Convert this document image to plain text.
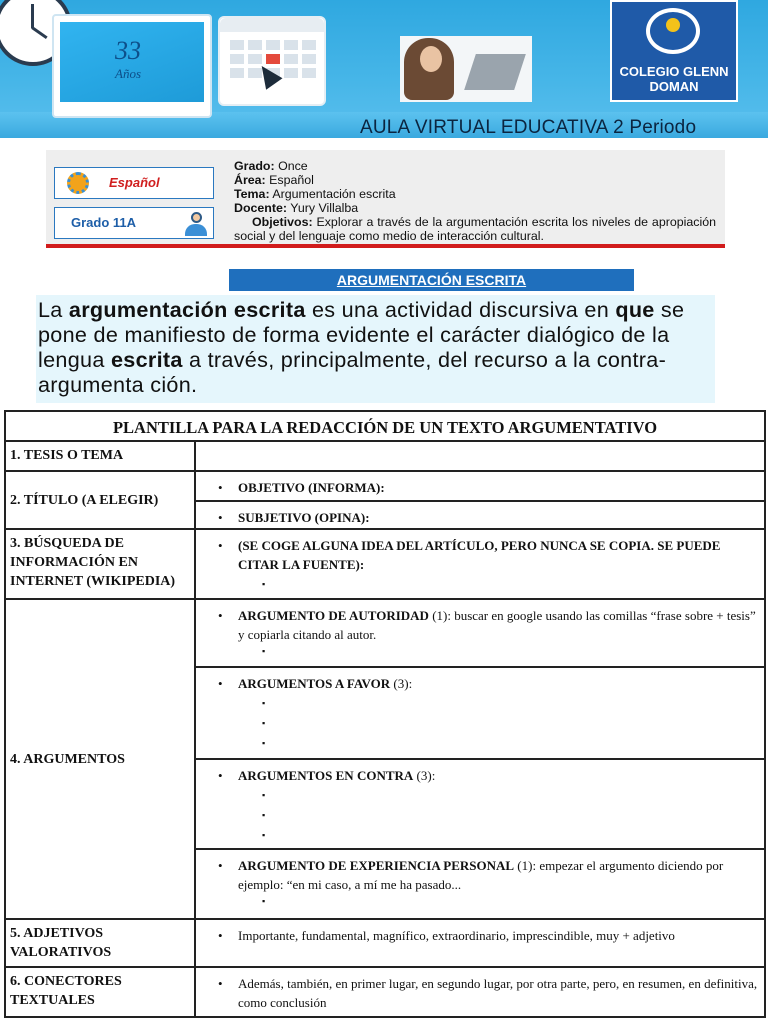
33
Años	COLEGIO GLENN DOMAN
AULA VIRTUAL EDUCATIVA 2 Periodo
Español
Grado 11A
Grado: Once
Área: Español
Tema: Argumentación escrita
Docente: Yury Villalba
Objetivos: Explorar a través de la argumentación escrita los niveles de apropiación social y del lenguaje como medio de interacción cultural.
ARGUMENTACIÓN ESCRITA
La argumentación escrita es una actividad discursiva en que se pone de manifiesto de forma evidente el carácter dialógico de la lengua escrita a través, principalmente, del recurso a la contra-argumenta ción.
PLANTILLA PARA LA REDACCIÓN DE UN TEXTO ARGUMENTATIVO
1. TESIS O TEMA
2. TÍTULO (A ELEGIR)
• OBJETIVO (INFORMA):
• SUBJETIVO (OPINA):
3. BÚSQUEDA DE INFORMACIÓN EN INTERNET (WIKIPEDIA)
• (SE COGE ALGUNA IDEA DEL ARTÍCULO, PERO NUNCA SE COPIA. SE PUEDE CITAR LA FUENTE):
▪
4. ARGUMENTOS
• ARGUMENTO DE AUTORIDAD (1): buscar en google usando las comillas “frase sobre + tesis” y copiarla citando al autor.
▪
• ARGUMENTOS A FAVOR (3):
▪
▪
▪
• ARGUMENTOS EN CONTRA (3):
▪
▪
▪
• ARGUMENTO DE EXPERIENCIA PERSONAL (1): empezar el argumento diciendo por ejemplo: “en mi caso, a mí me ha pasado...
▪
5. ADJETIVOS VALORATIVOS
• Importante, fundamental, magnífico, extraordinario, imprescindible, muy + adjetivo
6. CONECTORES TEXTUALES
• Además, también, en primer lugar, en segundo lugar, por otra parte, pero, en resumen, en definitiva, como conclusión
